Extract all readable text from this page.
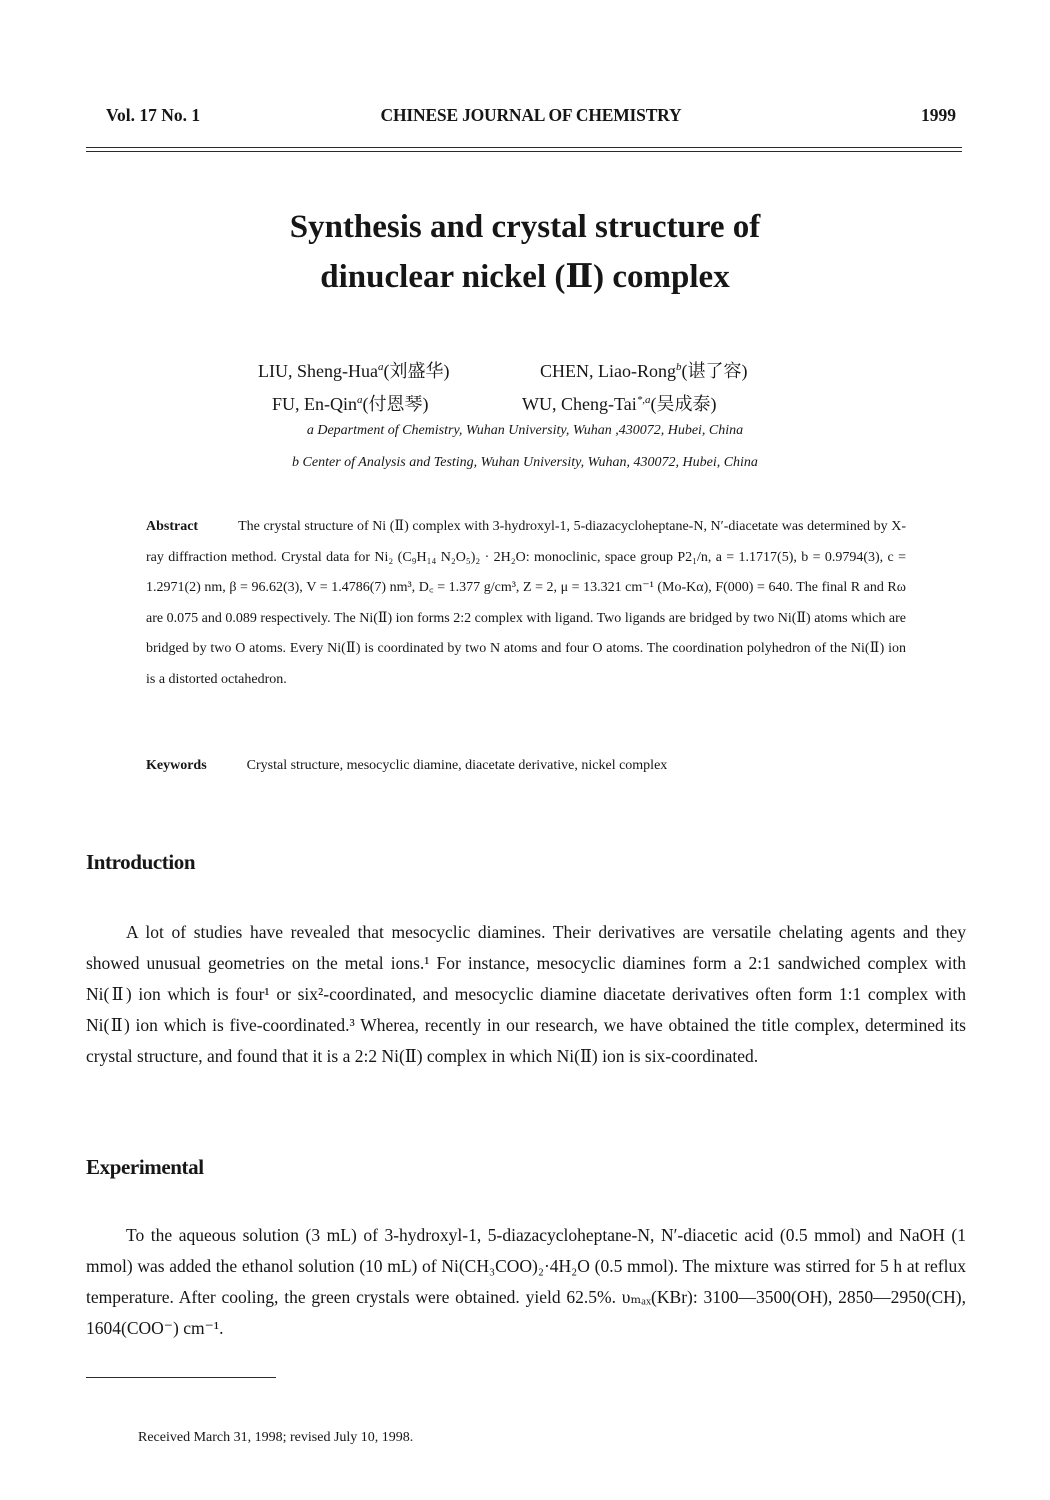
Vol. 17 No. 1	CHINESE JOURNAL OF CHEMISTRY	1999
Synthesis and crystal structure of
dinuclear nickel (Ⅱ) complex
LIU, Sheng-Hua$^a$(刘盛华)	CHEN, Liao-Rong$^b$(谌了容)
FU, En-Qin$^a$(付恩琴)	WU, Cheng-Tai$^{*,a}$(吴成泰)
a Department of Chemistry, Wuhan University, Wuhan ,430072, Hubei, China
b Center of Analysis and Testing, Wuhan University, Wuhan, 430072, Hubei, China
Abstract	The crystal structure of Ni (Ⅱ) complex with 3-hydroxyl-1, 5-diazacycloheptane-N, N′-diacetate was determined by X-ray diffraction method. Crystal data for Ni₂ (C₉H₁₄ N₂O₅)₂ · 2H₂O: monoclinic, space group P2₁/n, a = 1.1717(5), b = 0.9794(3), c = 1.2971(2) nm, β = 96.62(3), V = 1.4786(7) nm³, D꜀ = 1.377 g/cm³, Z = 2, μ = 13.321 cm⁻¹ (Mo-Kα), F(000) = 640. The final R and Rω are 0.075 and 0.089 respectively. The Ni(Ⅱ) ion forms 2:2 complex with ligand. Two ligands are bridged by two Ni(Ⅱ) atoms which are bridged by two O atoms. Every Ni(Ⅱ) is coordinated by two N atoms and four O atoms. The coordination polyhedron of the Ni(Ⅱ) ion is a distorted octahedron.
Keywords	Crystal structure, mesocyclic diamine, diacetate derivative, nickel complex
Introduction
A lot of studies have revealed that mesocyclic diamines. Their derivatives are versatile chelating agents and they showed unusual geometries on the metal ions.¹ For instance, mesocyclic diamines form a 2:1 sandwiched complex with Ni(Ⅱ) ion which is four¹ or six²-coordinated, and mesocyclic diamine diacetate derivatives often form 1:1 complex with Ni(Ⅱ) ion which is five-coordinated.³ Wherea, recently in our research, we have obtained the title complex, determined its crystal structure, and found that it is a 2:2 Ni(Ⅱ) complex in which Ni(Ⅱ) ion is six-coordinated.
Experimental
To the aqueous solution (3 mL) of 3-hydroxyl-1, 5-diazacycloheptane-N, N′-diacetic acid (0.5 mmol) and NaOH (1 mmol) was added the ethanol solution (10 mL) of Ni(CH₃COO)₂·4H₂O (0.5 mmol). The mixture was stirred for 5 h at reflux temperature. After cooling, the green crystals were obtained. yield 62.5%. υₘₐₓ(KBr): 3100—3500(OH), 2850—2950(CH), 1604(COO⁻) cm⁻¹.
Received March 31, 1998; revised July 10, 1998.
